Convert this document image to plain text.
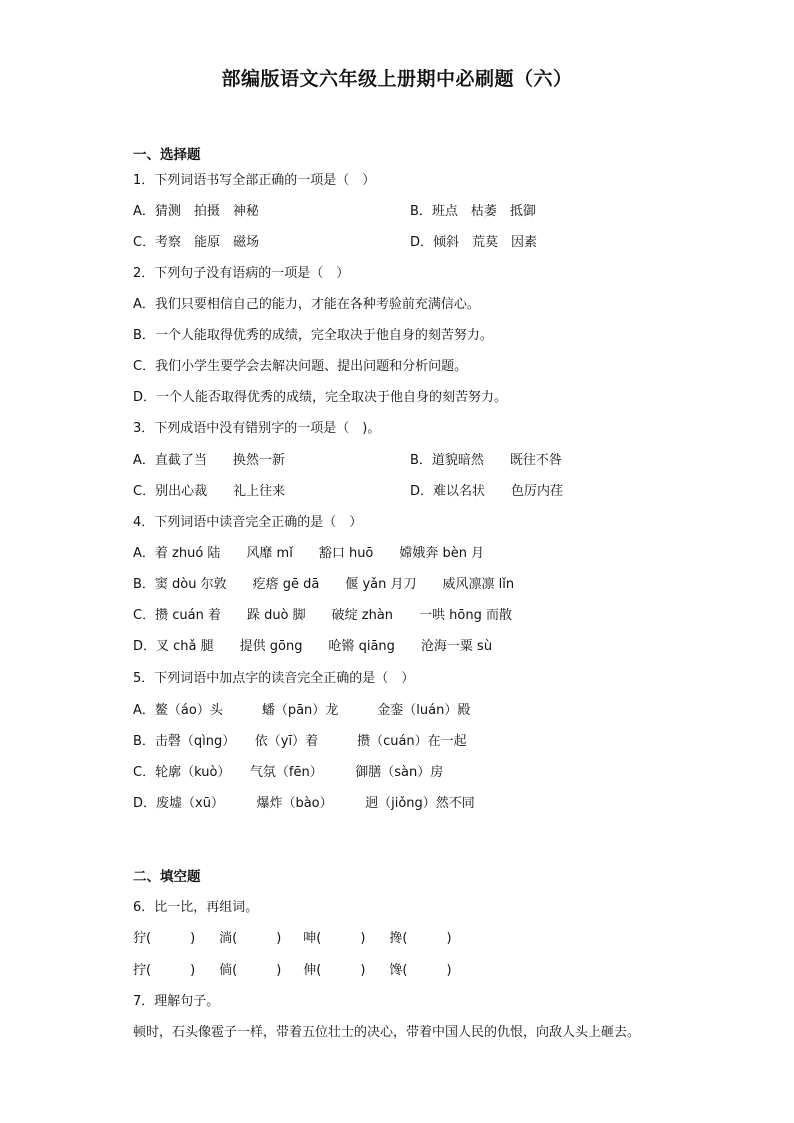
部编版语文六年级上册期中必刷题（六）
一、选择题
1．下列词语书写全部正确的一项是（　）
A．猜测　拍摄　神秘	B．班点　枯萎　抵御
C．考察　能原　磁场	D．倾斜　荒莫　因素
2．下列句子没有语病的一项是（　）
A．我们只要相信自己的能力，才能在各种考验前充满信心。
B．一个人能取得优秀的成绩，完全取决于他自身的刻苦努力。
C．我们小学生要学会去解决问题、提出问题和分析问题。
D．一个人能否取得优秀的成绩，完全取决于他自身的刻苦努力。
3．下列成语中没有错别字的一项是（　)。
A．直截了当　　换然一新	B．道貌暗然　　既往不咎
C．别出心裁　　礼上往来	D．难以名状　　色厉内荏
4．下列词语中读音完全正确的是（　）
A．着 zhuó 陆　　风靡 mǐ　　豁口 huō　　嫦娥奔 bèn 月
B．窦 dòu 尔敦　　疙瘩 gē dā　　偃 yǎn 月刀　　威风凛凛 lǐn
C．攒 cuán 着　　跺 duò 脚　　破绽 zhàn　　一哄 hōng 而散
D．叉 chǎ 腿　　提供 gōng　　呛锵 qiāng　　沧海一粟 sù
5．下列词语中加点字的读音完全正确的是（　）
A．鳌（áo）头　　　蟠（pān）龙　　　金銮（luán）殿
B．击磬（qìng）　　依（yī）着　　　攒（cuán）在一起
C．轮廓（kuò）　　气氛（fēn）　　　御膳（sàn）房
D．废墟（xū）　　　爆炸（bào）　　　迥（jiǒng）然不同
二、填空题
6．比一比，再组词。
狞(　　　) 淌(　　　) 呻(　　　) 搀(　　　)
拧(　　　) 倘(　　　) 伸(　　　) 馋(　　　)
7．理解句子。
顿时，石头像雹子一样，带着五位壮士的决心，带着中国人民的仇恨，向敌人头上砸去。
